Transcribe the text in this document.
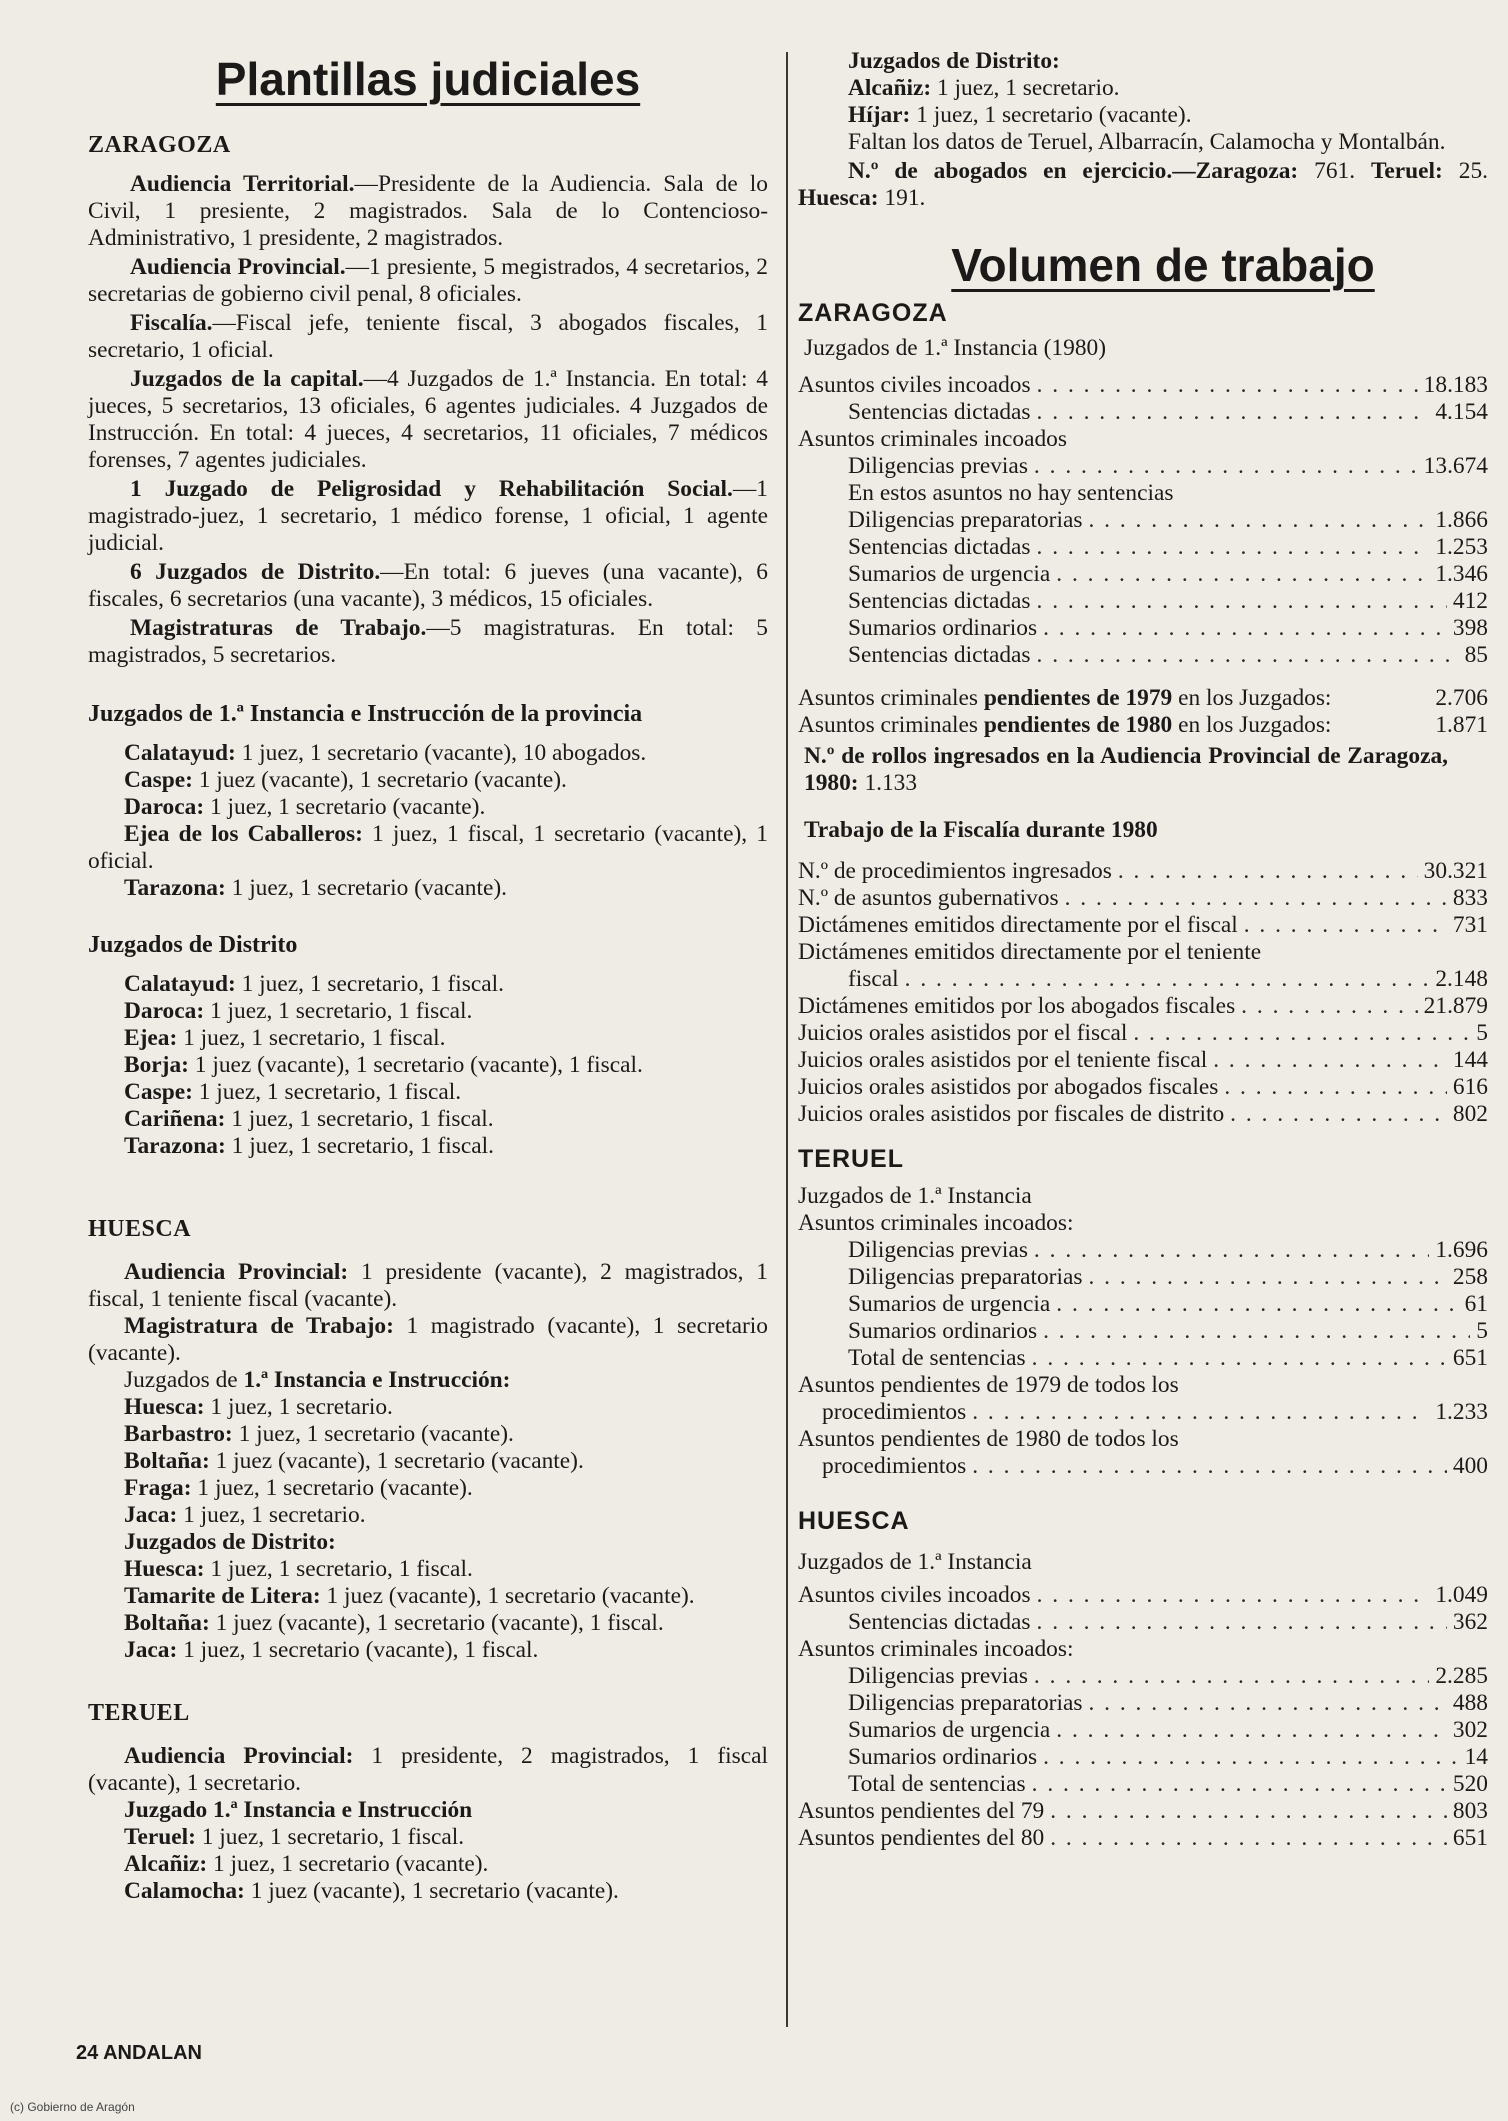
Plantillas judiciales
ZARAGOZA
Audiencia Territorial.—Presidente de la Audiencia. Sala de lo Civil, 1 presiente, 2 magistrados. Sala de lo Contencioso-Administrativo, 1 presidente, 2 magistrados.
Audiencia Provincial.—1 presiente, 5 megistrados, 4 secretarios, 2 secretarias de gobierno civil penal, 8 oficiales.
Fiscalía.—Fiscal jefe, teniente fiscal, 3 abogados fiscales, 1 secretario, 1 oficial.
Juzgados de la capital.—4 Juzgados de 1.ª Instancia. En total: 4 jueces, 5 secretarios, 13 oficiales, 6 agentes judiciales. 4 Juzgados de Instrucción. En total: 4 jueces, 4 secretarios, 11 oficiales, 7 médicos forenses, 7 agentes judiciales.
1 Juzgado de Peligrosidad y Rehabilitación Social.—1 magistrado-juez, 1 secretario, 1 médico forense, 1 oficial, 1 agente judicial.
6 Juzgados de Distrito.—En total: 6 jueves (una vacante), 6 fiscales, 6 secretarios (una vacante), 3 médicos, 15 oficiales.
Magistraturas de Trabajo.—5 magistraturas. En total: 5 magistrados, 5 secretarios.
Juzgados de 1.ª Instancia e Instrucción de la provincia
Calatayud: 1 juez, 1 secretario (vacante), 10 abogados.
Caspe: 1 juez (vacante), 1 secretario (vacante).
Daroca: 1 juez, 1 secretario (vacante).
Ejea de los Caballeros: 1 juez, 1 fiscal, 1 secretario (vacante), 1 oficial.
Tarazona: 1 juez, 1 secretario (vacante).
Juzgados de Distrito
Calatayud: 1 juez, 1 secretario, 1 fiscal.
Daroca: 1 juez, 1 secretario, 1 fiscal.
Ejea: 1 juez, 1 secretario, 1 fiscal.
Borja: 1 juez (vacante), 1 secretario (vacante), 1 fiscal.
Caspe: 1 juez, 1 secretario, 1 fiscal.
Cariñena: 1 juez, 1 secretario, 1 fiscal.
Tarazona: 1 juez, 1 secretario, 1 fiscal.
HUESCA
Audiencia Provincial: 1 presidente (vacante), 2 magistrados, 1 fiscal, 1 teniente fiscal (vacante).
Magistratura de Trabajo: 1 magistrado (vacante), 1 secretario (vacante).
Juzgados de 1.ª Instancia e Instrucción:
Huesca: 1 juez, 1 secretario.
Barbastro: 1 juez, 1 secretario (vacante).
Boltaña: 1 juez (vacante), 1 secretario (vacante).
Fraga: 1 juez, 1 secretario (vacante).
Jaca: 1 juez, 1 secretario.
Juzgados de Distrito:
Huesca: 1 juez, 1 secretario, 1 fiscal.
Tamarite de Litera: 1 juez (vacante), 1 secretario (vacante).
Boltaña: 1 juez (vacante), 1 secretario (vacante), 1 fiscal.
Jaca: 1 juez, 1 secretario (vacante), 1 fiscal.
TERUEL
Audiencia Provincial: 1 presidente, 2 magistrados, 1 fiscal (vacante), 1 secretario.
Juzgado 1.ª Instancia e Instrucción
Teruel: 1 juez, 1 secretario, 1 fiscal.
Alcañiz: 1 juez, 1 secretario (vacante).
Calamocha: 1 juez (vacante), 1 secretario (vacante).
Juzgados de Distrito:
Alcañiz: 1 juez, 1 secretario.
Híjar: 1 juez, 1 secretario (vacante).
Faltan los datos de Teruel, Albarracín, Calamocha y Montalbán.
N.º de abogados en ejercicio.—Zaragoza: 761. Teruel: 25. Huesca: 191.
Volumen de trabajo
ZARAGOZA
Juzgados de 1.ª Instancia (1980)
Asuntos civiles incoados . . .	18.183
Sentencias dictadas . . .	4.154
Asuntos criminales incoados
Diligencias previas . . .	13.674
En estos asuntos no hay sentencias
Diligencias preparatorias . . .	1.866
Sentencias dictadas . . .	1.253
Sumarios de urgencia . . .	1.346
Sentencias dictadas . . .	412
Sumarios ordinarios . . .	398
Sentencias dictadas . . .	85
Asuntos criminales pendientes de 1979 en los Juzgados:	2.706
Asuntos criminales pendientes de 1980 en los Juzgados:	1.871
N.º de rollos ingresados en la Audiencia Provincial de Zaragoza, 1980: 1.133
Trabajo de la Fiscalía durante 1980
N.º de procedimientos ingresados . . .	30.321
N.º de asuntos gubernativos . . .	833
Dictámenes emitidos directamente por el fiscal . . .	731
Dictámenes emitidos directamente por el teniente
fiscal . . .	2.148
Dictámenes emitidos por los abogados fiscales . . .	21.879
Juicios orales asistidos por el fiscal . . .	5
Juicios orales asistidos por el teniente fiscal . . .	144
Juicios orales asistidos por abogados fiscales . . .	616
Juicios orales asistidos por fiscales de distrito . . .	802
TERUEL
Juzgados de 1.ª Instancia
Asuntos criminales incoados:
Diligencias previas . . .	1.696
Diligencias preparatorias . . .	258
Sumarios de urgencia . . .	61
Sumarios ordinarios . . .	5
Total de sentencias . . .	651
Asuntos pendientes de 1979 de todos los
procedimientos . . .	1.233
Asuntos pendientes de 1980 de todos los
procedimientos . . .	400
HUESCA
Juzgados de 1.ª Instancia
Asuntos civiles incoados . . .	1.049
Sentencias dictadas . . .	362
Asuntos criminales incoados:
Diligencias previas . . .	2.285
Diligencias preparatorias . . .	488
Sumarios de urgencia . . .	302
Sumarios ordinarios . . .	14
Total de sentencias . . .	520
Asuntos pendientes del 79 . . .	803
Asuntos pendientes del 80 . . .	651
24 ANDALAN
(c) Gobierno de Aragón
